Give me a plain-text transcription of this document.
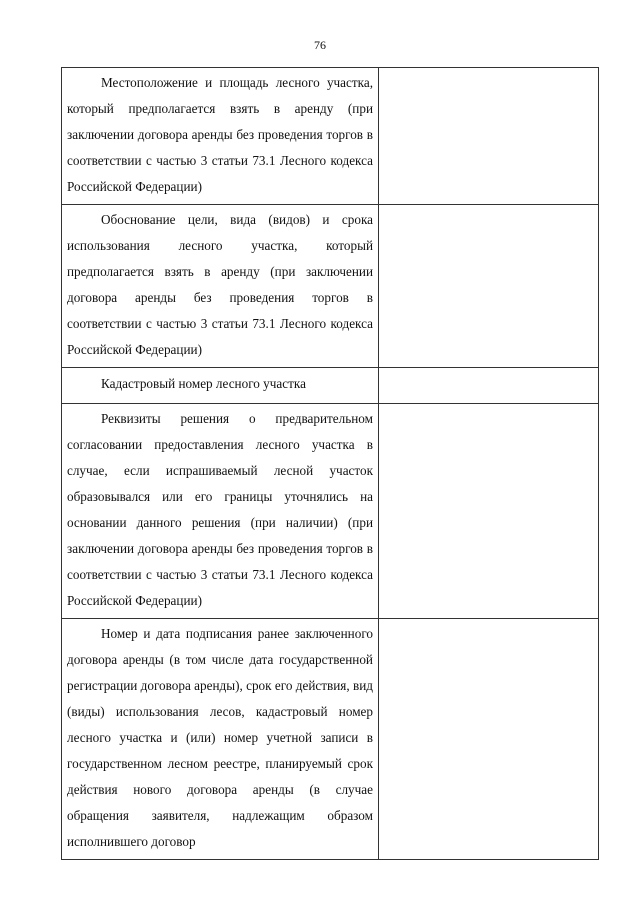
76
Местоположение и площадь лесного участка, который предполагается взять в аренду (при заключении договора аренды без проведения торгов в соответствии с частью 3 статьи 73.1 Лесного кодекса Российской Федерации)	

Обоснование цели, вида (видов) и срока использования лесного участка, который предполагается взять в аренду (при заключении договора аренды без проведения торгов в соответствии с частью 3 статьи 73.1 Лесного кодекса Российской Федерации)	

Кадастровый номер лесного участка	

Реквизиты решения о предварительном согласовании предоставления лесного участка в случае, если испрашиваемый лесной участок образовывался или его границы уточнялись на основании данного решения (при наличии) (при заключении договора аренды без проведения торгов в соответствии с частью 3 статьи 73.1 Лесного кодекса Российской Федерации)	

Номер и дата подписания ранее заключенного договора аренды (в том числе дата государственной регистрации договора аренды), срок его действия, вид (виды) использования лесов, кадастровый номер лесного участка и (или) номер учетной записи в государственном лесном реестре, планируемый срок действия нового договора аренды (в случае обращения заявителя, надлежащим образом исполнившего договор	
